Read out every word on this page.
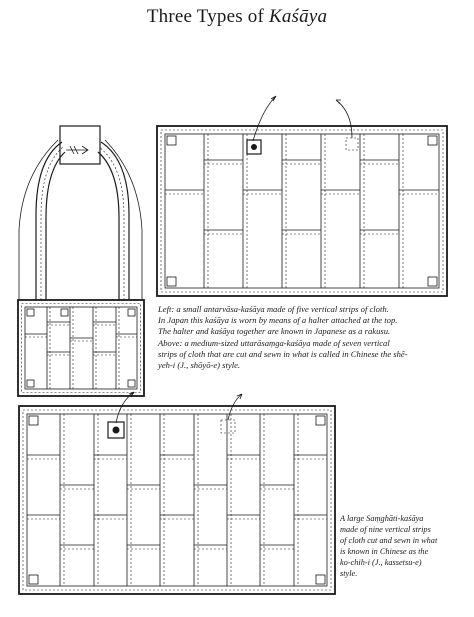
Three Types of Kaśāya

Left: a small antarvāsa-kaśāya made of five vertical strips of cloth.

In Japan this kaśāya is worn by means of a halter attached at the top.

The halter and kaśāya together are known in Japanese as a rakusu.

Above: a medium-sized uttarāsaṃga-kaśāya made of seven vertical

strips of cloth that are cut and sewn in what is called in Chinese the shê-

yeh-i (J., shōyō-e) style.

A large Saṃghāti-kaśāya

made of nine vertical strips

of cloth cut and sewn in what

is known in Chinese as the

ko-chih-i (J., kassetsu-e)

style.
